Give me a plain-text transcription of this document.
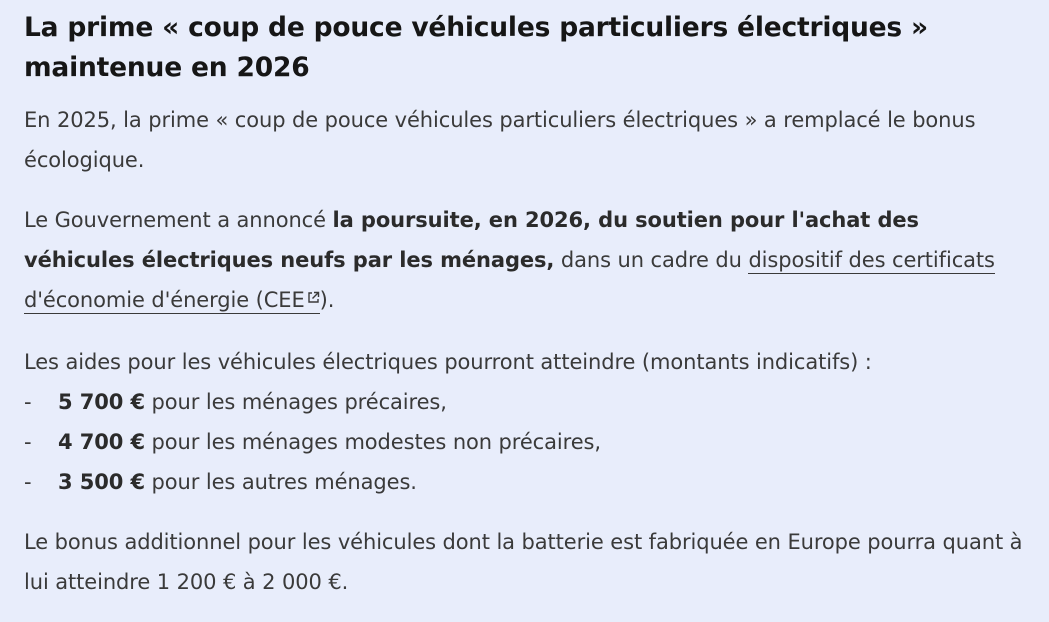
La prime « coup de pouce véhicules particuliers électriques » maintenue en 2026

En 2025, la prime « coup de pouce véhicules particuliers électriques » a remplacé le bonus écologique.

Le Gouvernement a annoncé la poursuite, en 2026, du soutien pour l'achat des véhicules électriques neufs par les ménages, dans un cadre du dispositif des certificats d'économie d'énergie (CEE ).

Les aides pour les véhicules électriques pourront atteindre (montants indicatifs) :

-	5 700 € pour les ménages précaires,
-	4 700 € pour les ménages modestes non précaires,
-	3 500 € pour les autres ménages.

Le bonus additionnel pour les véhicules dont la batterie est fabriquée en Europe pourra quant à lui atteindre 1 200 € à 2 000 €.
